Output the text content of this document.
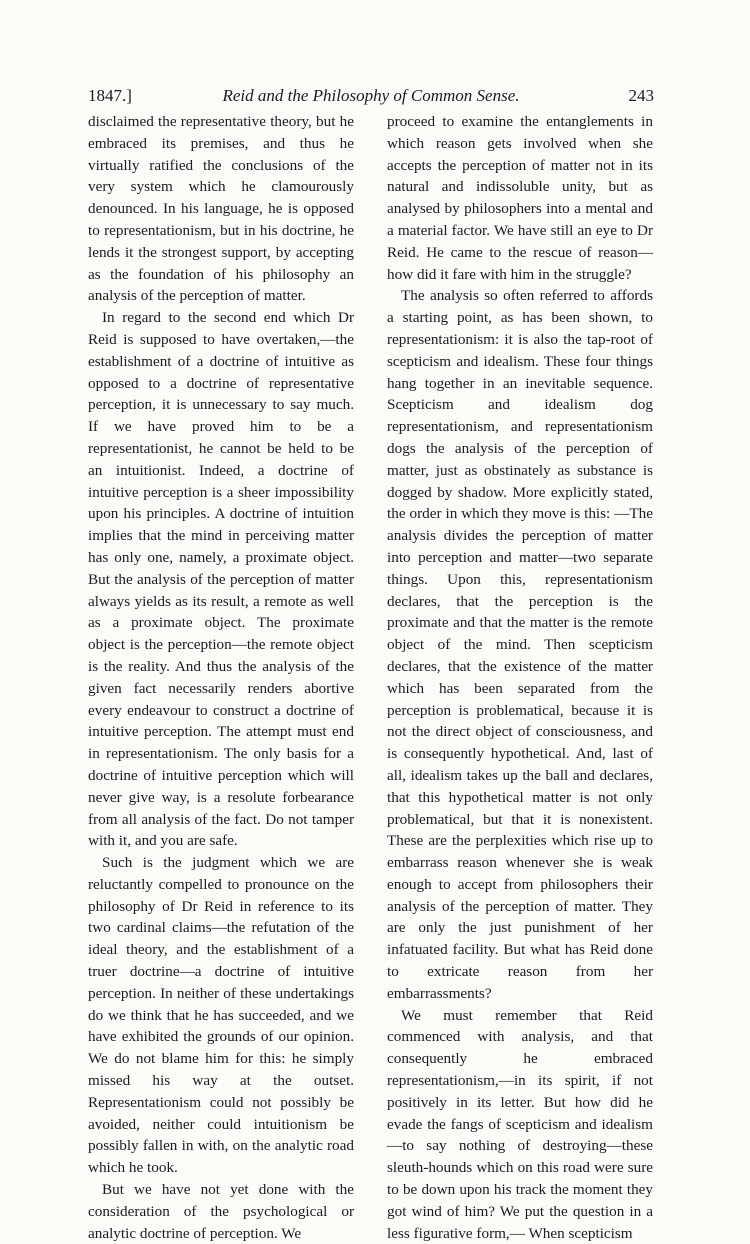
1847.]	Reid and the Philosophy of Common Sense.	243

disclaimed the representative theory, but he embraced its premises, and thus he virtually ratified the conclusions of the very system which he clamourously denounced. In his language, he is opposed to representationism, but in his doctrine, he lends it the strongest support, by accepting as the foundation of his philosophy an analysis of the perception of matter.

In regard to the second end which Dr Reid is supposed to have overtaken,—the establishment of a doctrine of intuitive as opposed to a doctrine of representative perception, it is unnecessary to say much. If we have proved him to be a representationist, he cannot be held to be an intuitionist. Indeed, a doctrine of intuitive perception is a sheer impossibility upon his principles. A doctrine of intuition implies that the mind in perceiving matter has only one, namely, a proximate object. But the analysis of the perception of matter always yields as its result, a remote as well as a proximate object. The proximate object is the perception—the remote object is the reality. And thus the analysis of the given fact necessarily renders abortive every endeavour to construct a doctrine of intuitive perception. The attempt must end in representationism. The only basis for a doctrine of intuitive perception which will never give way, is a resolute forbearance from all analysis of the fact. Do not tamper with it, and you are safe.

Such is the judgment which we are reluctantly compelled to pronounce on the philosophy of Dr Reid in reference to its two cardinal claims—the refutation of the ideal theory, and the establishment of a truer doctrine—a doctrine of intuitive perception. In neither of these undertakings do we think that he has succeeded, and we have exhibited the grounds of our opinion. We do not blame him for this: he simply missed his way at the outset. Representationism could not possibly be avoided, neither could intuitionism be possibly fallen in with, on the analytic road which he took.

But we have not yet done with the consideration of the psychological or analytic doctrine of perception. We

proceed to examine the entanglements in which reason gets involved when she accepts the perception of matter not in its natural and indissoluble unity, but as analysed by philosophers into a mental and a material factor. We have still an eye to Dr Reid. He came to the rescue of reason—how did it fare with him in the struggle?

The analysis so often referred to affords a starting point, as has been shown, to representationism: it is also the tap-root of scepticism and idealism. These four things hang together in an inevitable sequence. Scepticism and idealism dog representationism, and representationism dogs the analysis of the perception of matter, just as obstinately as substance is dogged by shadow. More explicitly stated, the order in which they move is this: —The analysis divides the perception of matter into perception and matter—two separate things. Upon this, representationism declares, that the perception is the proximate and that the matter is the remote object of the mind. Then scepticism declares, that the existence of the matter which has been separated from the perception is problematical, because it is not the direct object of consciousness, and is consequently hypothetical. And, last of all, idealism takes up the ball and declares, that this hypothetical matter is not only problematical, but that it is nonexistent. These are the perplexities which rise up to embarrass reason whenever she is weak enough to accept from philosophers their analysis of the perception of matter. They are only the just punishment of her infatuated facility. But what has Reid done to extricate reason from her embarrassments?

We must remember that Reid commenced with analysis, and that consequently he embraced representationism,—in its spirit, if not positively in its letter. But how did he evade the fangs of scepticism and idealism—to say nothing of destroying—these sleuth-hounds which on this road were sure to be down upon his track the moment they got wind of him? We put the question in a less figurative form,— When scepticism
